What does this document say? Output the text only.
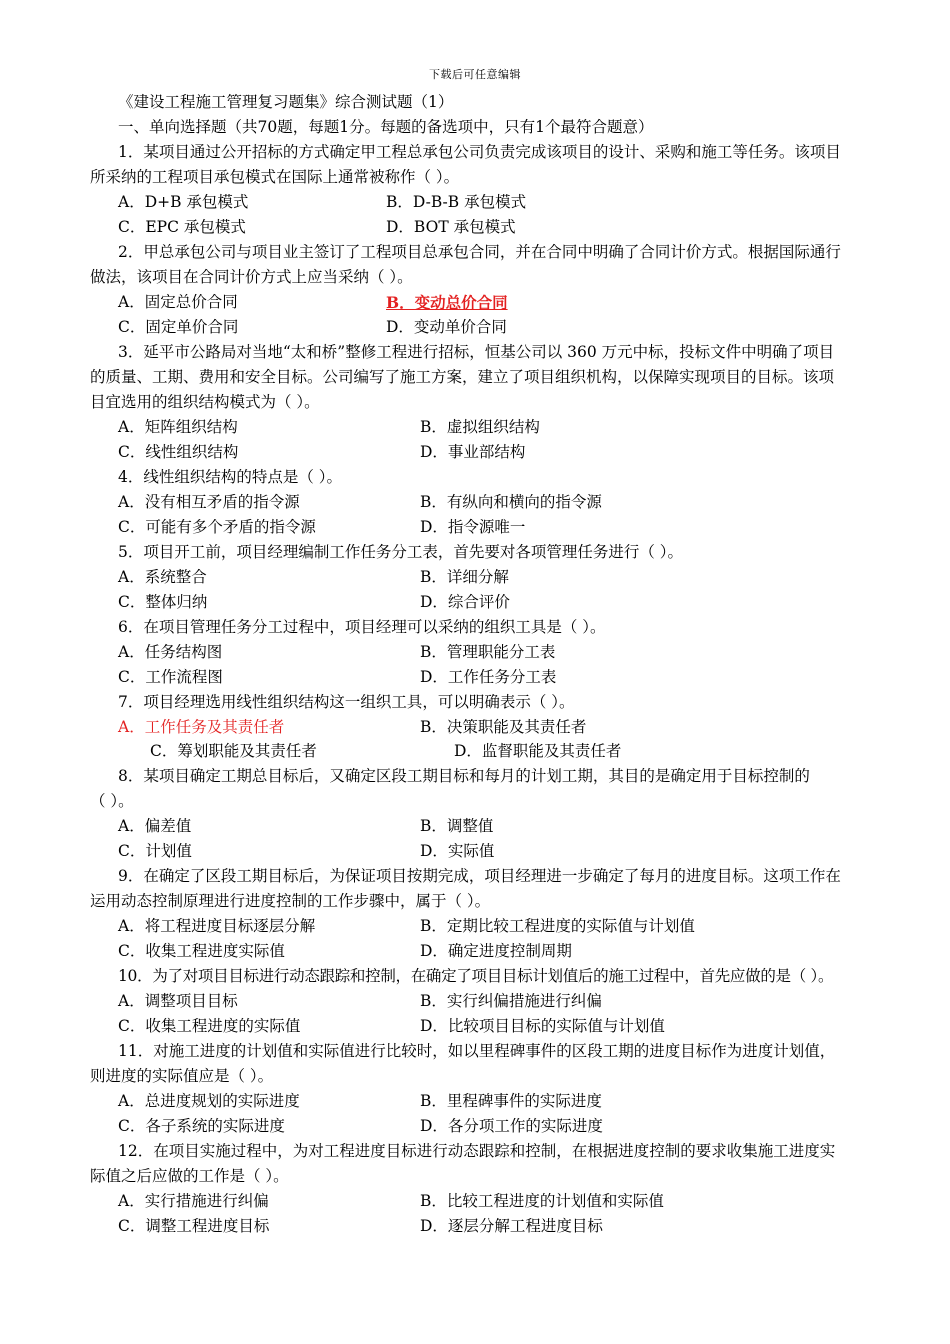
下载后可任意编辑
《建设工程施工管理复习题集》综合测试题（1）
一、单向选择题（共70题，每题1分。每题的备选项中，只有1个最符合题意）
1．某项目通过公开招标的方式确定甲工程总承包公司负责完成该项目的设计、采购和施工等任务。该项目
所采纳的工程项目承包模式在国际上通常被称作（ ）。
A．D+B 承包模式	B．D-B-B 承包模式
C．EPC 承包模式	D．BOT 承包模式
2．甲总承包公司与项目业主签订了工程项目总承包合同，并在合同中明确了合同计价方式。根据国际通行
做法，该项目在合同计价方式上应当采纳（ ）。
A．固定总价合同	B．变动总价合同
C．固定单价合同	D．变动单价合同
3．延平市公路局对当地“太和桥”整修工程进行招标，恒基公司以 360 万元中标，投标文件中明确了项目
的质量、工期、费用和安全目标。公司编写了施工方案，建立了项目组织机构，以保障实现项目的目标。该项
目宜选用的组织结构模式为（ ）。
A．矩阵组织结构	B．虚拟组织结构
C．线性组织结构	D．事业部结构
4．线性组织结构的特点是（ ）。
A．没有相互矛盾的指令源	B．有纵向和横向的指令源
C．可能有多个矛盾的指令源	D．指令源唯一
5．项目开工前，项目经理编制工作任务分工表，首先要对各项管理任务进行（ ）。
A．系统整合	B．详细分解
C．整体归纳	D．综合评价
6．在项目管理任务分工过程中，项目经理可以采纳的组织工具是（ ）。
A．任务结构图	B．管理职能分工表
C．工作流程图	D．工作任务分工表
7．项目经理选用线性组织结构这一组织工具，可以明确表示（ ）。
A．工作任务及其责任者	B．决策职能及其责任者
C．筹划职能及其责任者	D．监督职能及其责任者
8．某项目确定工期总目标后，又确定区段工期目标和每月的计划工期，其目的是确定用于目标控制的
（ ）。
A．偏差值	B．调整值
C．计划值	D．实际值
9．在确定了区段工期目标后，为保证项目按期完成，项目经理进一步确定了每月的进度目标。这项工作在
运用动态控制原理进行进度控制的工作步骤中，属于（ ）。
A．将工程进度目标逐层分解	B．定期比较工程进度的实际值与计划值
C．收集工程进度实际值	D．确定进度控制周期
10．为了对项目目标进行动态跟踪和控制，在确定了项目目标计划值后的施工过程中，首先应做的是（ ）。
A．调整项目目标	B．实行纠偏措施进行纠偏
C．收集工程进度的实际值	D．比较项目目标的实际值与计划值
11．对施工进度的计划值和实际值进行比较时，如以里程碑事件的区段工期的进度目标作为进度计划值，
则进度的实际值应是（ ）。
A．总进度规划的实际进度	B．里程碑事件的实际进度
C．各子系统的实际进度	D．各分项工作的实际进度
12．在项目实施过程中，为对工程进度目标进行动态跟踪和控制，在根据进度控制的要求收集施工进度实
际值之后应做的工作是（ ）。
A．实行措施进行纠偏	B．比较工程进度的计划值和实际值
C．调整工程进度目标	D．逐层分解工程进度目标
